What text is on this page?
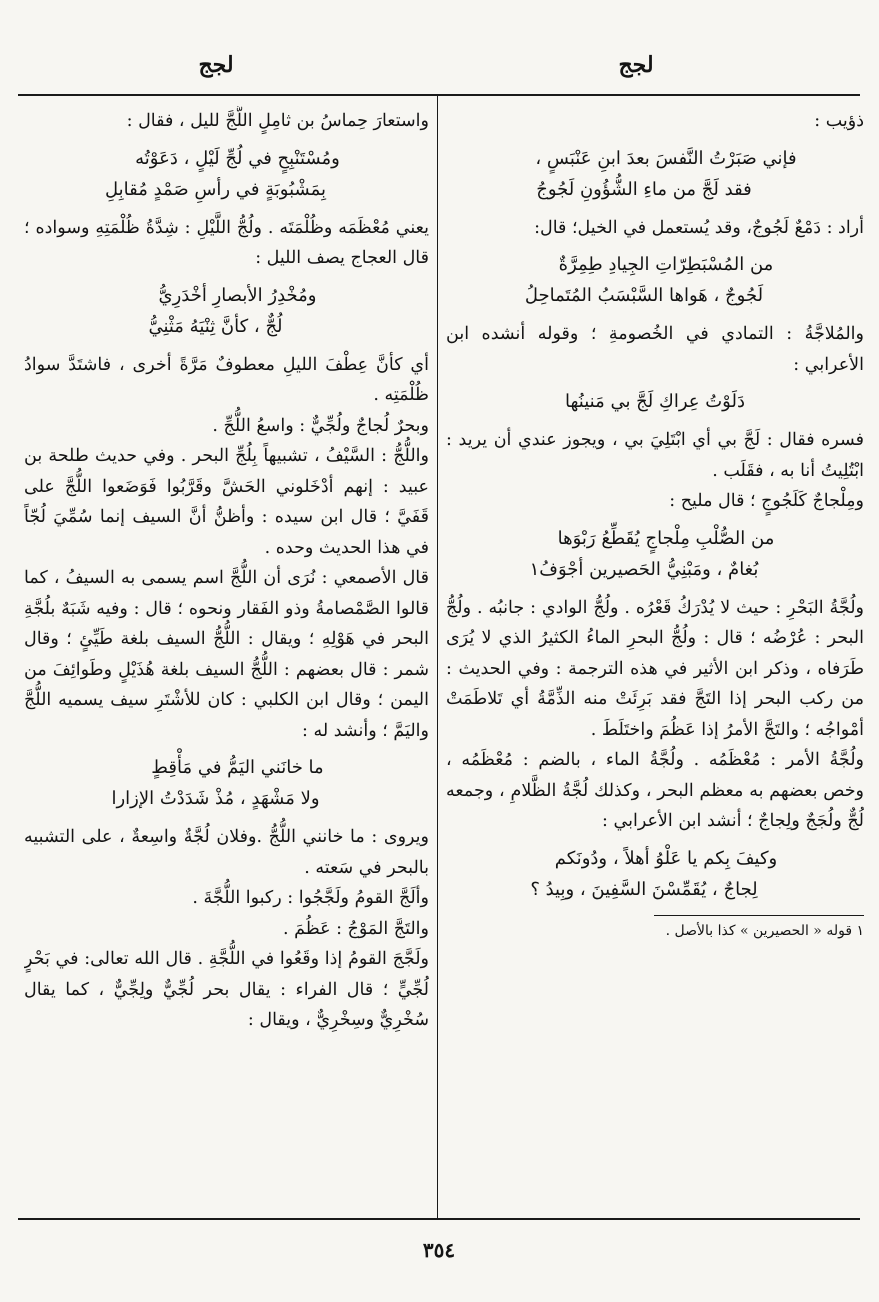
لجج
لجج

ذؤيب :

فإني صَبَرْتُ النَّفسَ بعدَ ابنِ عَنْبَسٍ ،
فقد لَجَّ من ماءِ الشُّؤُونِ لَجُوجُ

أراد : دَمْعٌ لَجُوجٌ، وقد يُستعمل في الخيل؛ قال:

من المُسْبَطِرّاتِ الجِيادِ طِمِرَّةٌ
لَجُوجٌ ، هَواها السَّبْسَبُ المُتَماحِلُ

والمُلاجَّةُ : التمادي في الخُصومةِ ؛ وقوله أنشده ابن الأعرابي :

دَلَوْتُ عِراكِ لَجَّ بي مَنينُها

فسره فقال : لَجَّ بي أي ابْتَلِيَ بي ، ويجوز عندي أن يريد : ابْتُلِيتُ أنا به ، فقَلَب .

ومِلْجاجٌ كَلَجُوجٍ ؛ قال مليح :

من الصُّلْبِ مِلْجاجٍ يُقَطِّعُ رَبْوَها
بُغامٌ ، ومَبْنِيُّ الحَصيرين أجْوَفُ١

ولُجَّةُ البَحْرِ : حيث لا يُدْرَكُ قَعْرُه . ولُجُّ الوادي : جانبُه . ولُجُّ البحر : عُرْضُه ؛ قال : ولُجُّ البحرِ الماءُ الكثيرُ الذي لا يُرَى طَرَفاه ، وذكر ابن الأثير في هذه الترجمة : وفي الحديث : من ركب البحر إذا التَجَّ فقد بَرِئَتْ منه الذِّمَّةُ أي تَلاطَمَتْ أمْواجُه ؛ والتَجَّ الأمرُ إذا عَظُمَ واختَلَطَ .

ولُجَّةُ الأمر : مُعْظَمُه . ولُجَّةُ الماء ، بالضم : مُعْظَمُه ، وخص بعضهم به معظم البحر ، وكذلك لُجَّةُ الظَّلامِ ، وجمعه لُجٌّ ولُجَجٌ ولِجاجٌ ؛ أنشد ابن الأعرابي :

وكيفَ بِكم يا عَلْوُ أهلاً ، ودُونَكم
لِجاجٌ ، يُقَمِّسْنَ السَّفِينَ ، وبِيدُ ؟

١ قوله « الحصيرين » كذا بالأصل .

واستعارَ حِماسُ بن ثامِلٍ اللُّجَّ لليل ، فقال :

ومُسْتَنْبِحٍ في لُجِّ لَيْلٍ ، دَعَوْتُه
بِمَشْبُوبَةٍ في رأسِ صَمْدٍ مُقابِلِ

يعني مُعْظَمَه وظُلْمَتَه . ولُجُّ اللَّيْلِ : شِدَّةُ ظُلْمَتِهِ وسواده ؛ قال العجاج يصف الليل :

ومُخْدِرُ الأبصارِ أخْدَرِيُّ
لُجٌّ ، كأنَّ ثِنْيَهُ مَثْنِيُّ

أي كأنَّ عِطْفَ الليلِ معطوفٌ مَرَّةً أخرى ، فاشتَدَّ سوادُ ظُلْمَتِه .

وبحرٌ لُجاجٌ ولُجِّيٌّ : واسعُ اللُّجِّ .

واللُّجُّ : السَّيْفُ ، تشبيهاً بِلُجِّ البحر . وفي حديث طلحة بن عبيد : إنهم أدْخَلوني الحَشَّ وقَرَّبُوا فَوَضَعوا اللُّجَّ على قَفَيَّ ؛ قال ابن سيده : وأظنُّ أنَّ السيف إنما سُمِّيَ لُجّاً في هذا الحديث وحده .

قال الأصمعي : نُرَى أن اللُّجَّ اسم يسمى به السيفُ ، كما قالوا الصَّمْصامةُ وذو الفَقار ونحوه ؛ قال : وفيه شَبَهٌ بلُجَّةِ البحر في هَوْلِهِ ؛ ويقال : اللُّجُّ السيف بلغة طَيِّئٍ ؛ وقال شمر : قال بعضهم : اللُّجُّ السيف بلغة هُذَيْلٍ وطَوائِفَ من اليمن ؛ وقال ابن الكلبي : كان للأشْتَرِ سيف يسميه اللُّجَّ واليَمَّ ؛ وأنشد له :

ما خانَني اليَمُّ في مَأْقِطٍ
ولا مَشْهَدٍ ، مُذْ شَدَدْتُ الإزارا

ويروى : ما خانني اللُّجُّ .وفلان لُجَّةٌ واسِعةٌ ، على التشبيه بالبحر في سَعته .

وألَجَّ القومُ ولَجَّجُوا : ركبوا اللُّجَّةَ .

والتَجَّ المَوْجُ : عَظُمَ .

ولَجَّجَ القومُ إذا وقَعُوا في اللُّجَّةِ . قال الله تعالى: في بَحْرٍ لُجِّيٍّ ؛ قال الفراء : يقال بحر لُجِّيٌّ ولِجِّيٌّ ، كما يقال سُخْرِيٌّ وسِخْرِيٌّ ، ويقال :

٣٥٤
